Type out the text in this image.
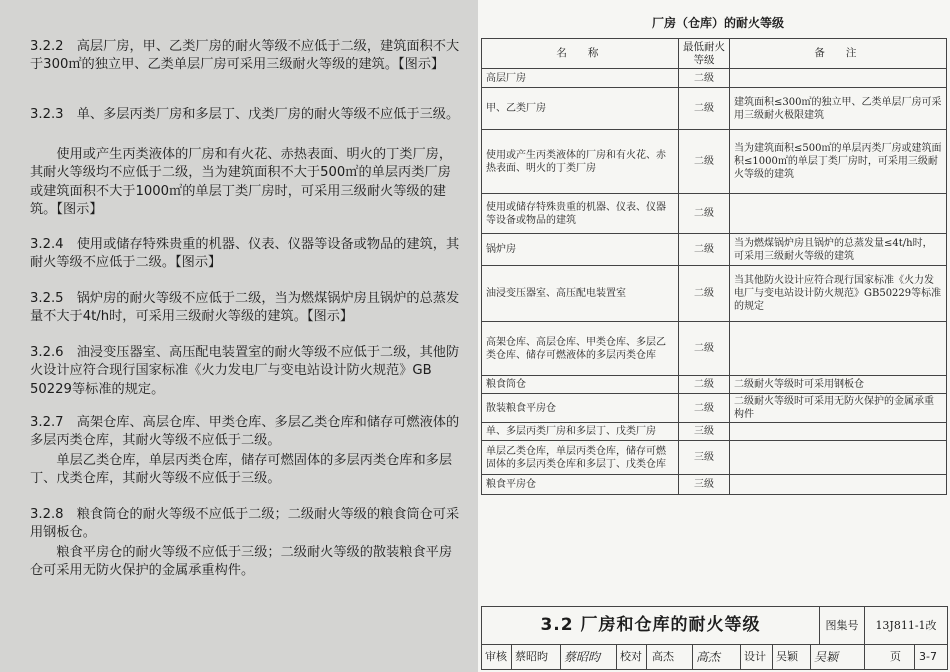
3.2.2　高层厂房，甲、乙类厂房的耐火等级不应低于二级，建筑面积不大于300㎡的独立甲、乙类单层厂房可采用三级耐火等级的建筑。【图示】

3.2.3　单、多层丙类厂房和多层丁、戊类厂房的耐火等级不应低于三级。

使用或产生丙类液体的厂房和有火花、赤热表面、明火的丁类厂房，其耐火等级均不应低于二级，当为建筑面积不大于500㎡的单层丙类厂房或建筑面积不大于1000㎡的单层丁类厂房时，可采用三级耐火等级的建筑。【图示】

3.2.4　使用或储存特殊贵重的机器、仪表、仪器等设备或物品的建筑，其耐火等级不应低于二级。【图示】

3.2.5　锅炉房的耐火等级不应低于二级，当为燃煤锅炉房且锅炉的总蒸发量不大于4t/h时，可采用三级耐火等级的建筑。【图示】

3.2.6　油浸变压器室、高压配电装置室的耐火等级不应低于二级，其他防火设计应符合现行国家标准《火力发电厂与变电站设计防火规范》GB 50229等标准的规定。

3.2.7　高架仓库、高层仓库、甲类仓库、多层乙类仓库和储存可燃液体的多层丙类仓库，其耐火等级不应低于二级。

单层乙类仓库，单层丙类仓库，储存可燃固体的多层丙类仓库和多层丁、戊类仓库，其耐火等级不应低于三级。

3.2.8　粮食筒仓的耐火等级不应低于二级；二级耐火等级的粮食筒仓可采用钢板仓。

粮食平房仓的耐火等级不应低于三级；二级耐火等级的散装粮食平房仓可采用无防火保护的金属承重构件。

厂房（仓库）的耐火等级
名　称	最低耐火等级	备　注
高层厂房	二级	
甲、乙类厂房	二级	建筑面积≤300㎡的独立甲、乙类单层厂房可采用三级耐火极限建筑
使用或产生丙类液体的厂房和有火花、赤热表面、明火的丁类厂房	二级	当为建筑面积≤500㎡的单层丙类厂房或建筑面积≤1000㎡的单层丁类厂房时，可采用三级耐火等级的建筑
使用或储存特殊贵重的机器、仪表、仪器等设备或物品的建筑	二级	
锅炉房	二级	当为燃煤锅炉房且锅炉的总蒸发量≤4t/h时，可采用三级耐火等级的建筑
油浸变压器室、高压配电装置室	二级	当其他防火设计应符合现行国家标准《火力发电厂与变电站设计防火规范》GB50229等标准的规定
高架仓库、高层仓库、甲类仓库、多层乙类仓库、储存可燃液体的多层丙类仓库	二级	
粮食筒仓	二级	二级耐火等级时可采用钢板仓
散装粮食平房仓	二级	二级耐火等级时可采用无防火保护的金属承重构件
单、多层丙类厂房和多层丁、戊类厂房	三级	
单层乙类仓库，单层丙类仓库，储存可燃固体的多层丙类仓库和多层丁、戊类仓库	三级	
粮食平房仓	三级	
3.2 厂房和仓库的耐火等级	图集号	13J811-1改
审核 蔡昭昀 蔡昭昀 校对 高杰 高杰 设计 吴颖 吴颖	页 3-7
